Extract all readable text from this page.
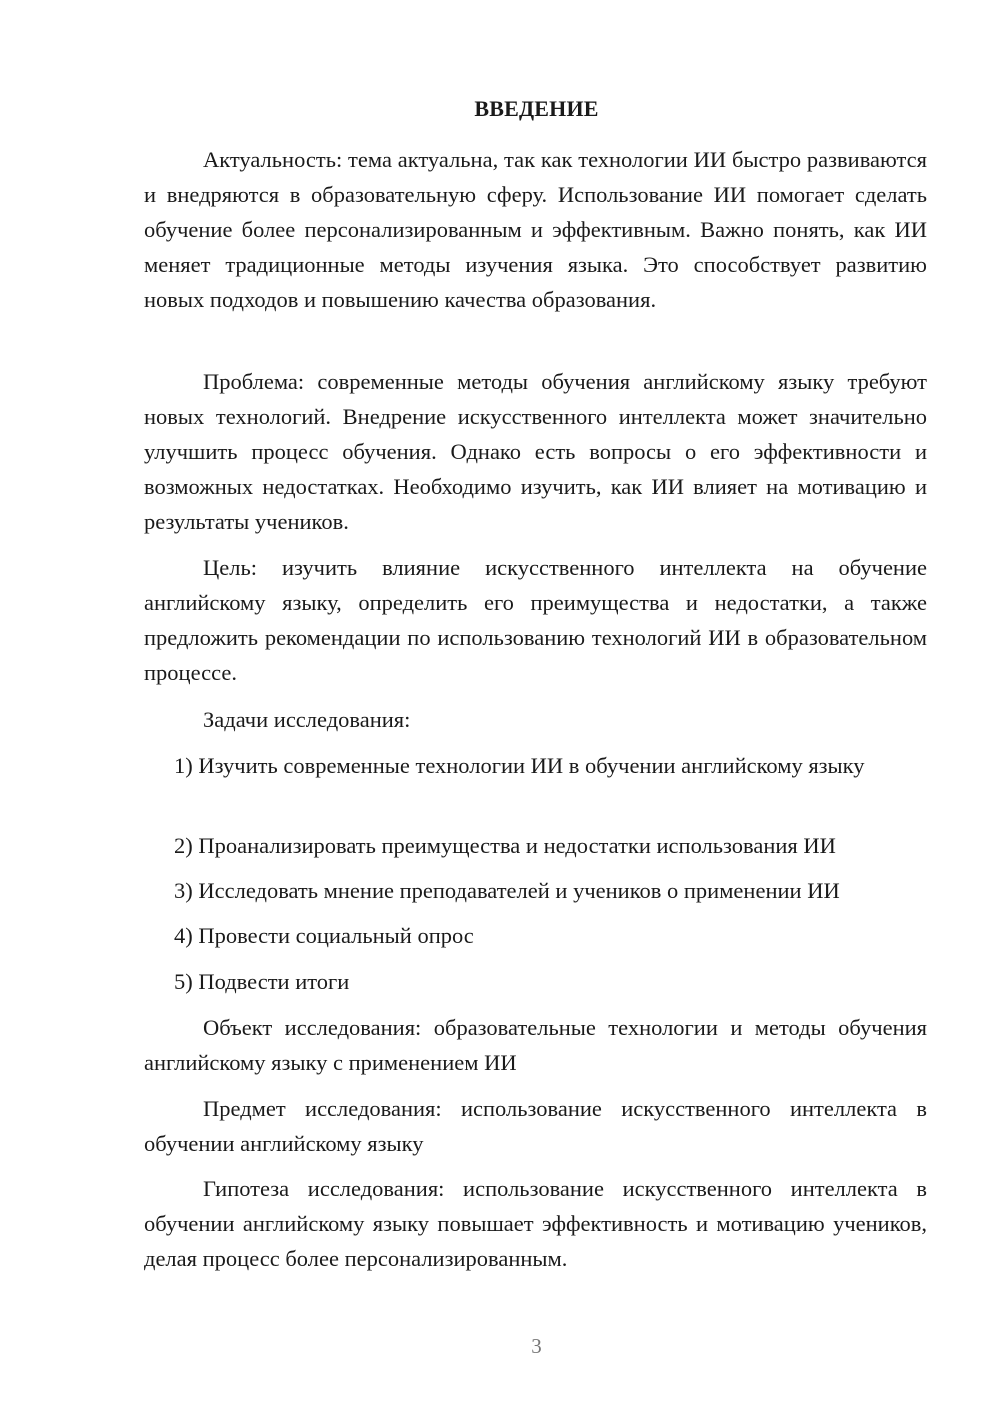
ВВЕДЕНИЕ

Актуальность: тема актуальна, так как технологии ИИ быстро развиваются и внедряются в образовательную сферу. Использование ИИ помогает сделать обучение более персонализированным и эффективным. Важно понять, как ИИ меняет традиционные методы изучения языка. Это способствует развитию новых подходов и повышению качества образования.

Проблема: современные методы обучения английскому языку требуют новых технологий. Внедрение искусственного интеллекта может значительно улучшить процесс обучения. Однако есть вопросы о его эффективности и возможных недостатках. Необходимо изучить, как ИИ влияет на мотивацию и результаты учеников.

Цель: изучить влияние искусственного интеллекта на обучение английскому языку, определить его преимущества и недостатки, а также предложить рекомендации по использованию технологий ИИ в образовательном процессе.

Задачи исследования:

1) Изучить современные технологии ИИ в обучении английскому языку

2) Проанализировать преимущества и недостатки использования ИИ

3) Исследовать мнение преподавателей и учеников о применении ИИ

4) Провести социальный опрос

5) Подвести итоги

Объект исследования: образовательные технологии и методы обучения английскому языку с применением ИИ

Предмет исследования: использование искусственного интеллекта в обучении английскому языку

Гипотеза исследования: использование искусственного интеллекта в обучении английскому языку повышает эффективность и мотивацию учеников, делая процесс более персонализированным.

3
